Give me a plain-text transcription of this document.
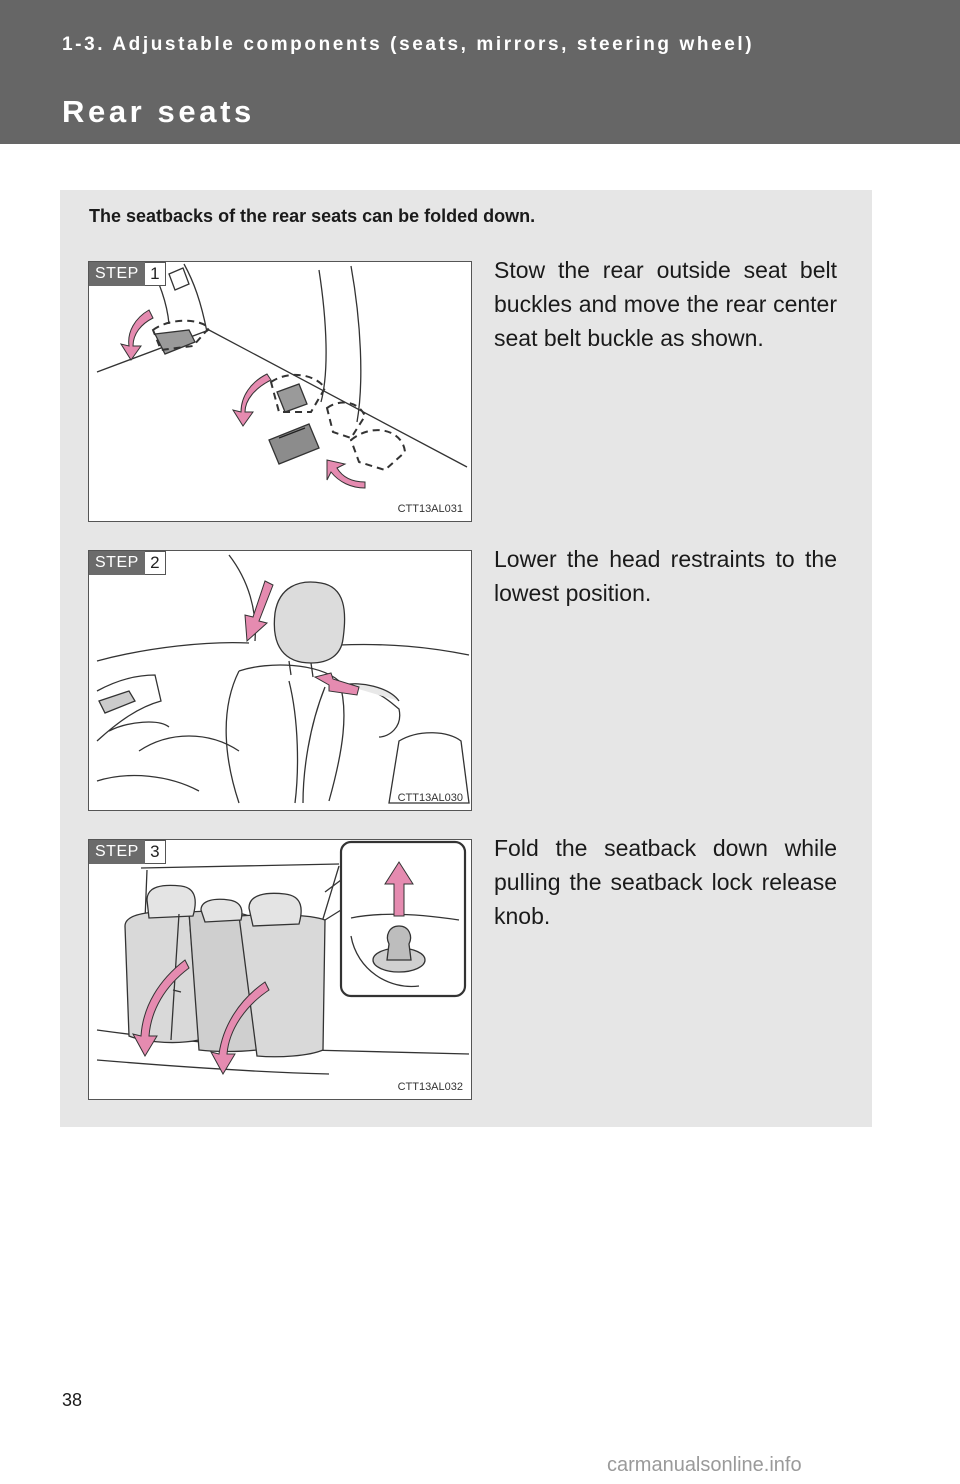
1-3. Adjustable components (seats, mirrors, steering wheel)
Rear seats
The seatbacks of the rear seats can be folded down.
STEP 1
CTT13AL031
Stow the rear outside seat belt buckles and move the rear center seat belt buckle as shown.
STEP 2
CTT13AL030
Lower the head restraints to the lowest position.
STEP 3
CTT13AL032
Fold the seatback down while pulling the seatback lock release knob.
38
carmanualsonline.info
